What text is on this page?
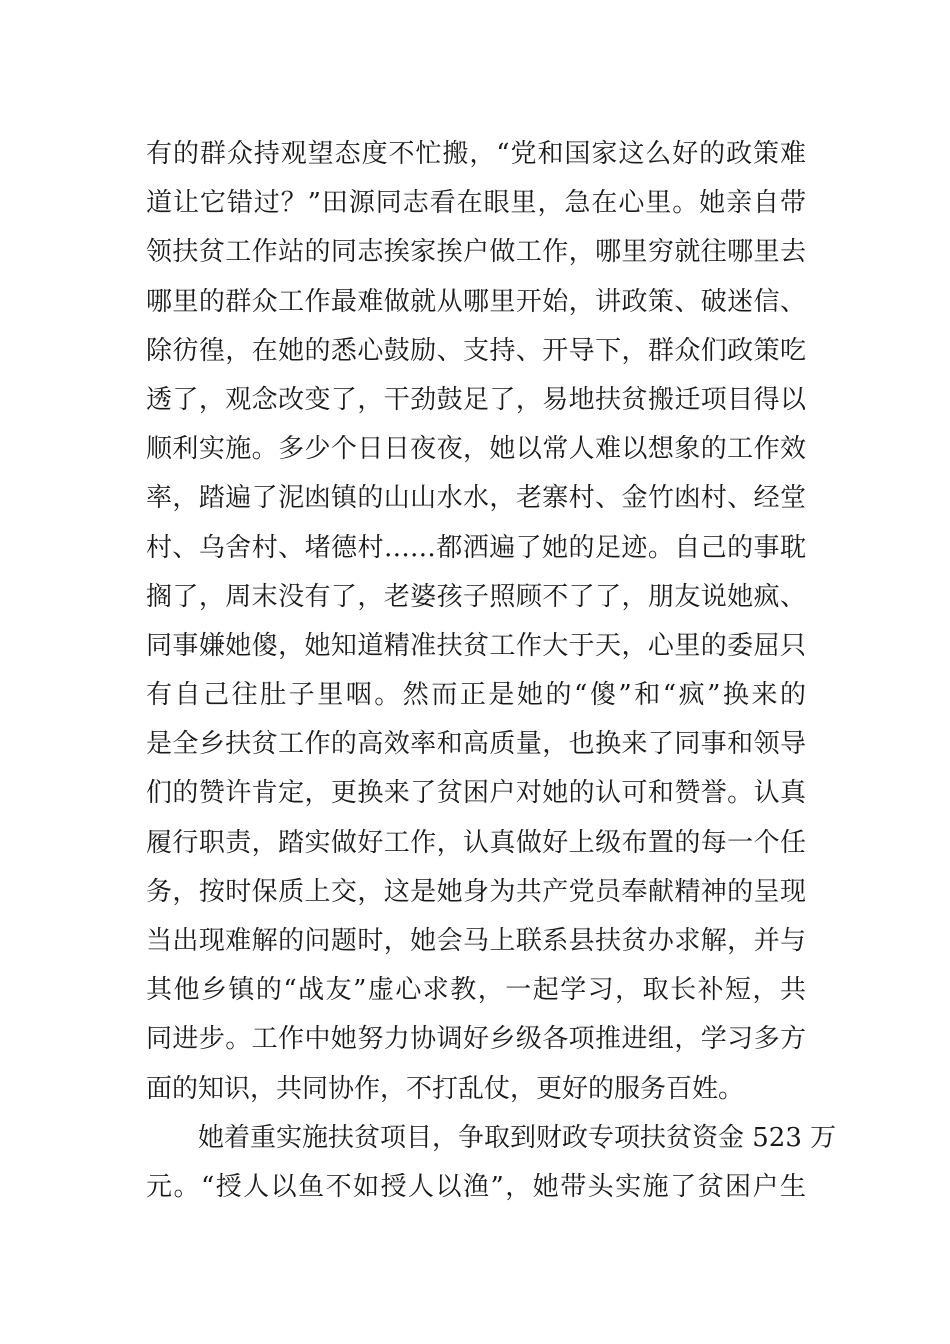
有的群众持观望态度不忙搬，“党和国家这么好的政策难
道让它错过？”田源同志看在眼里，急在心里。她亲自带
领扶贫工作站的同志挨家挨户做工作，哪里穷就往哪里去
哪里的群众工作最难做就从哪里开始，讲政策、破迷信、
除彷徨，在她的悉心鼓励、支持、开导下，群众们政策吃
透了，观念改变了，干劲鼓足了，易地扶贫搬迁项目得以
顺利实施。多少个日日夜夜，她以常人难以想象的工作效
率，踏遍了泥凼镇的山山水水，老寨村、金竹凼村、经堂
村、乌舍村、堵德村……都洒遍了她的足迹。自己的事耽
搁了，周末没有了，老婆孩子照顾不了了，朋友说她疯、
同事嫌她傻，她知道精准扶贫工作大于天，心里的委屈只
有自己往肚子里咽。然而正是她的“傻”和“疯”换来的
是全乡扶贫工作的高效率和高质量，也换来了同事和领导
们的赞许肯定，更换来了贫困户对她的认可和赞誉。认真
履行职责，踏实做好工作，认真做好上级布置的每一个任
务，按时保质上交，这是她身为共产党员奉献精神的呈现
当出现难解的问题时，她会马上联系县扶贫办求解，并与
其他乡镇的“战友”虚心求教，一起学习，取长补短，共
同进步。工作中她努力协调好乡级各项推进组，学习多方
面的知识，共同协作，不打乱仗，更好的服务百姓。
她着重实施扶贫项目，争取到财政专项扶贫资金 523 万
元。“授人以鱼不如授人以渔”，她带头实施了贫困户生
